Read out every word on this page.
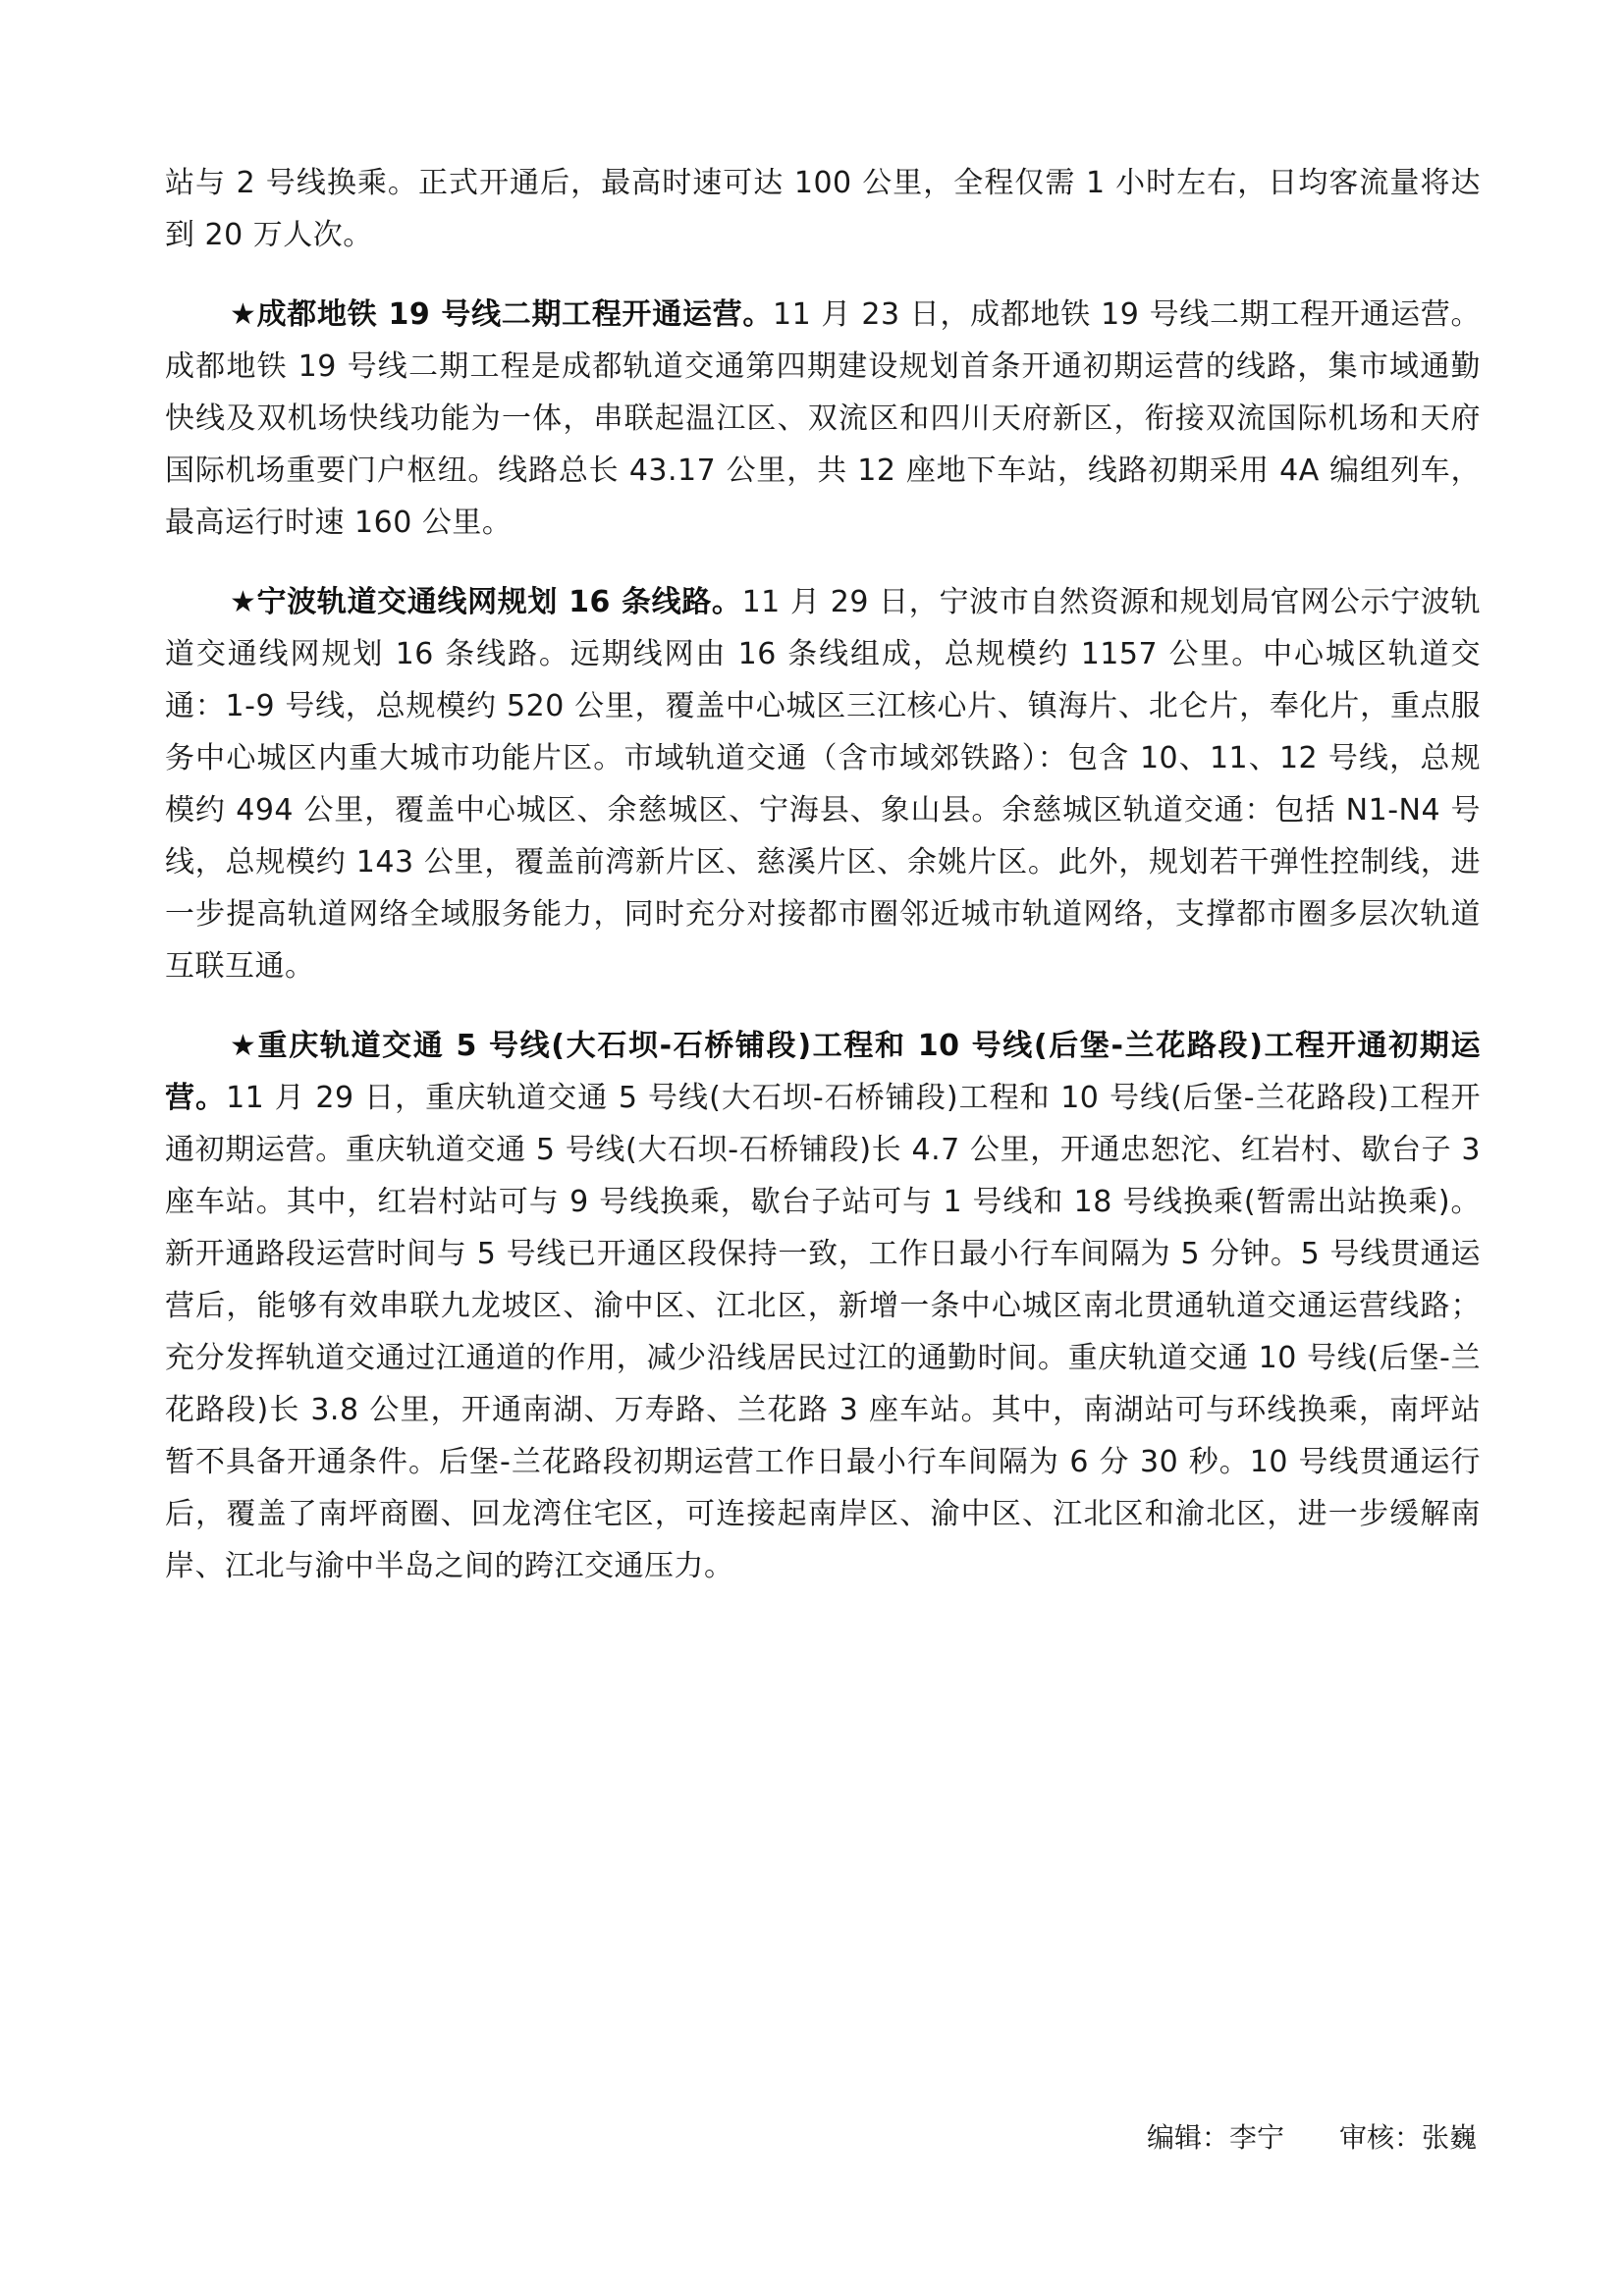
站与 2 号线换乘。正式开通后，最高时速可达 100 公里，全程仅需 1 小时左右，日均客流量将达到 20 万人次。

★成都地铁 19 号线二期工程开通运营。11 月 23 日，成都地铁 19 号线二期工程开通运营。成都地铁 19 号线二期工程是成都轨道交通第四期建设规划首条开通初期运营的线路，集市域通勤快线及双机场快线功能为一体，串联起温江区、双流区和四川天府新区，衔接双流国际机场和天府国际机场重要门户枢纽。线路总长 43.17 公里，共 12 座地下车站，线路初期采用 4A 编组列车，最高运行时速 160 公里。

★宁波轨道交通线网规划 16 条线路。11 月 29 日，宁波市自然资源和规划局官网公示宁波轨道交通线网规划 16 条线路。远期线网由 16 条线组成，总规模约 1157 公里。中心城区轨道交通：1-9 号线，总规模约 520 公里，覆盖中心城区三江核心片、镇海片、北仑片，奉化片，重点服务中心城区内重大城市功能片区。市域轨道交通（含市域郊铁路）：包含 10、11、12 号线，总规模约 494 公里，覆盖中心城区、余慈城区、宁海县、象山县。余慈城区轨道交通：包括 N1-N4 号线，总规模约 143 公里，覆盖前湾新片区、慈溪片区、余姚片区。此外，规划若干弹性控制线，进一步提高轨道网络全域服务能力，同时充分对接都市圈邻近城市轨道网络，支撑都市圈多层次轨道互联互通。

★重庆轨道交通 5 号线(大石坝-石桥铺段)工程和 10 号线(后堡-兰花路段)工程开通初期运营。11 月 29 日，重庆轨道交通 5 号线(大石坝-石桥铺段)工程和 10 号线(后堡-兰花路段)工程开通初期运营。重庆轨道交通 5 号线(大石坝-石桥铺段)长 4.7 公里，开通忠恕沱、红岩村、歇台子 3 座车站。其中，红岩村站可与 9 号线换乘，歇台子站可与 1 号线和 18 号线换乘(暂需出站换乘)。新开通路段运营时间与 5 号线已开通区段保持一致，工作日最小行车间隔为 5 分钟。5 号线贯通运营后，能够有效串联九龙坡区、渝中区、江北区，新增一条中心城区南北贯通轨道交通运营线路；充分发挥轨道交通过江通道的作用，减少沿线居民过江的通勤时间。重庆轨道交通 10 号线(后堡-兰花路段)长 3.8 公里，开通南湖、万寿路、兰花路 3 座车站。其中，南湖站可与环线换乘，南坪站暂不具备开通条件。后堡-兰花路段初期运营工作日最小行车间隔为 6 分 30 秒。10 号线贯通运行后，覆盖了南坪商圈、回龙湾住宅区，可连接起南岸区、渝中区、江北区和渝北区，进一步缓解南岸、江北与渝中半岛之间的跨江交通压力。

编辑：李宁 审核：张巍
